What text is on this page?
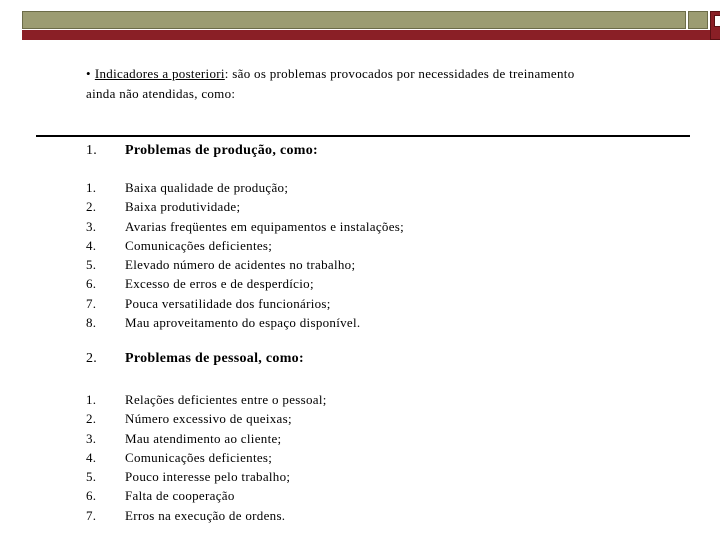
• Indicadores a posteriori: são os problemas provocados por necessidades de treinamento
ainda não atendidas, como:
1. Problemas de produção, como:
1. Baixa qualidade de produção;
2. Baixa produtividade;
3. Avarias freqüentes em equipamentos e instalações;
4. Comunicações deficientes;
5. Elevado número de acidentes no trabalho;
6. Excesso de erros e de desperdício;
7. Pouca versatilidade dos funcionários;
8. Mau aproveitamento do espaço disponível.
2. Problemas de pessoal, como:
1. Relações deficientes entre o pessoal;
2. Número excessivo de queixas;
3. Mau atendimento ao cliente;
4. Comunicações deficientes;
5. Pouco interesse pelo trabalho;
6. Falta de cooperação
7. Erros na execução de ordens.
